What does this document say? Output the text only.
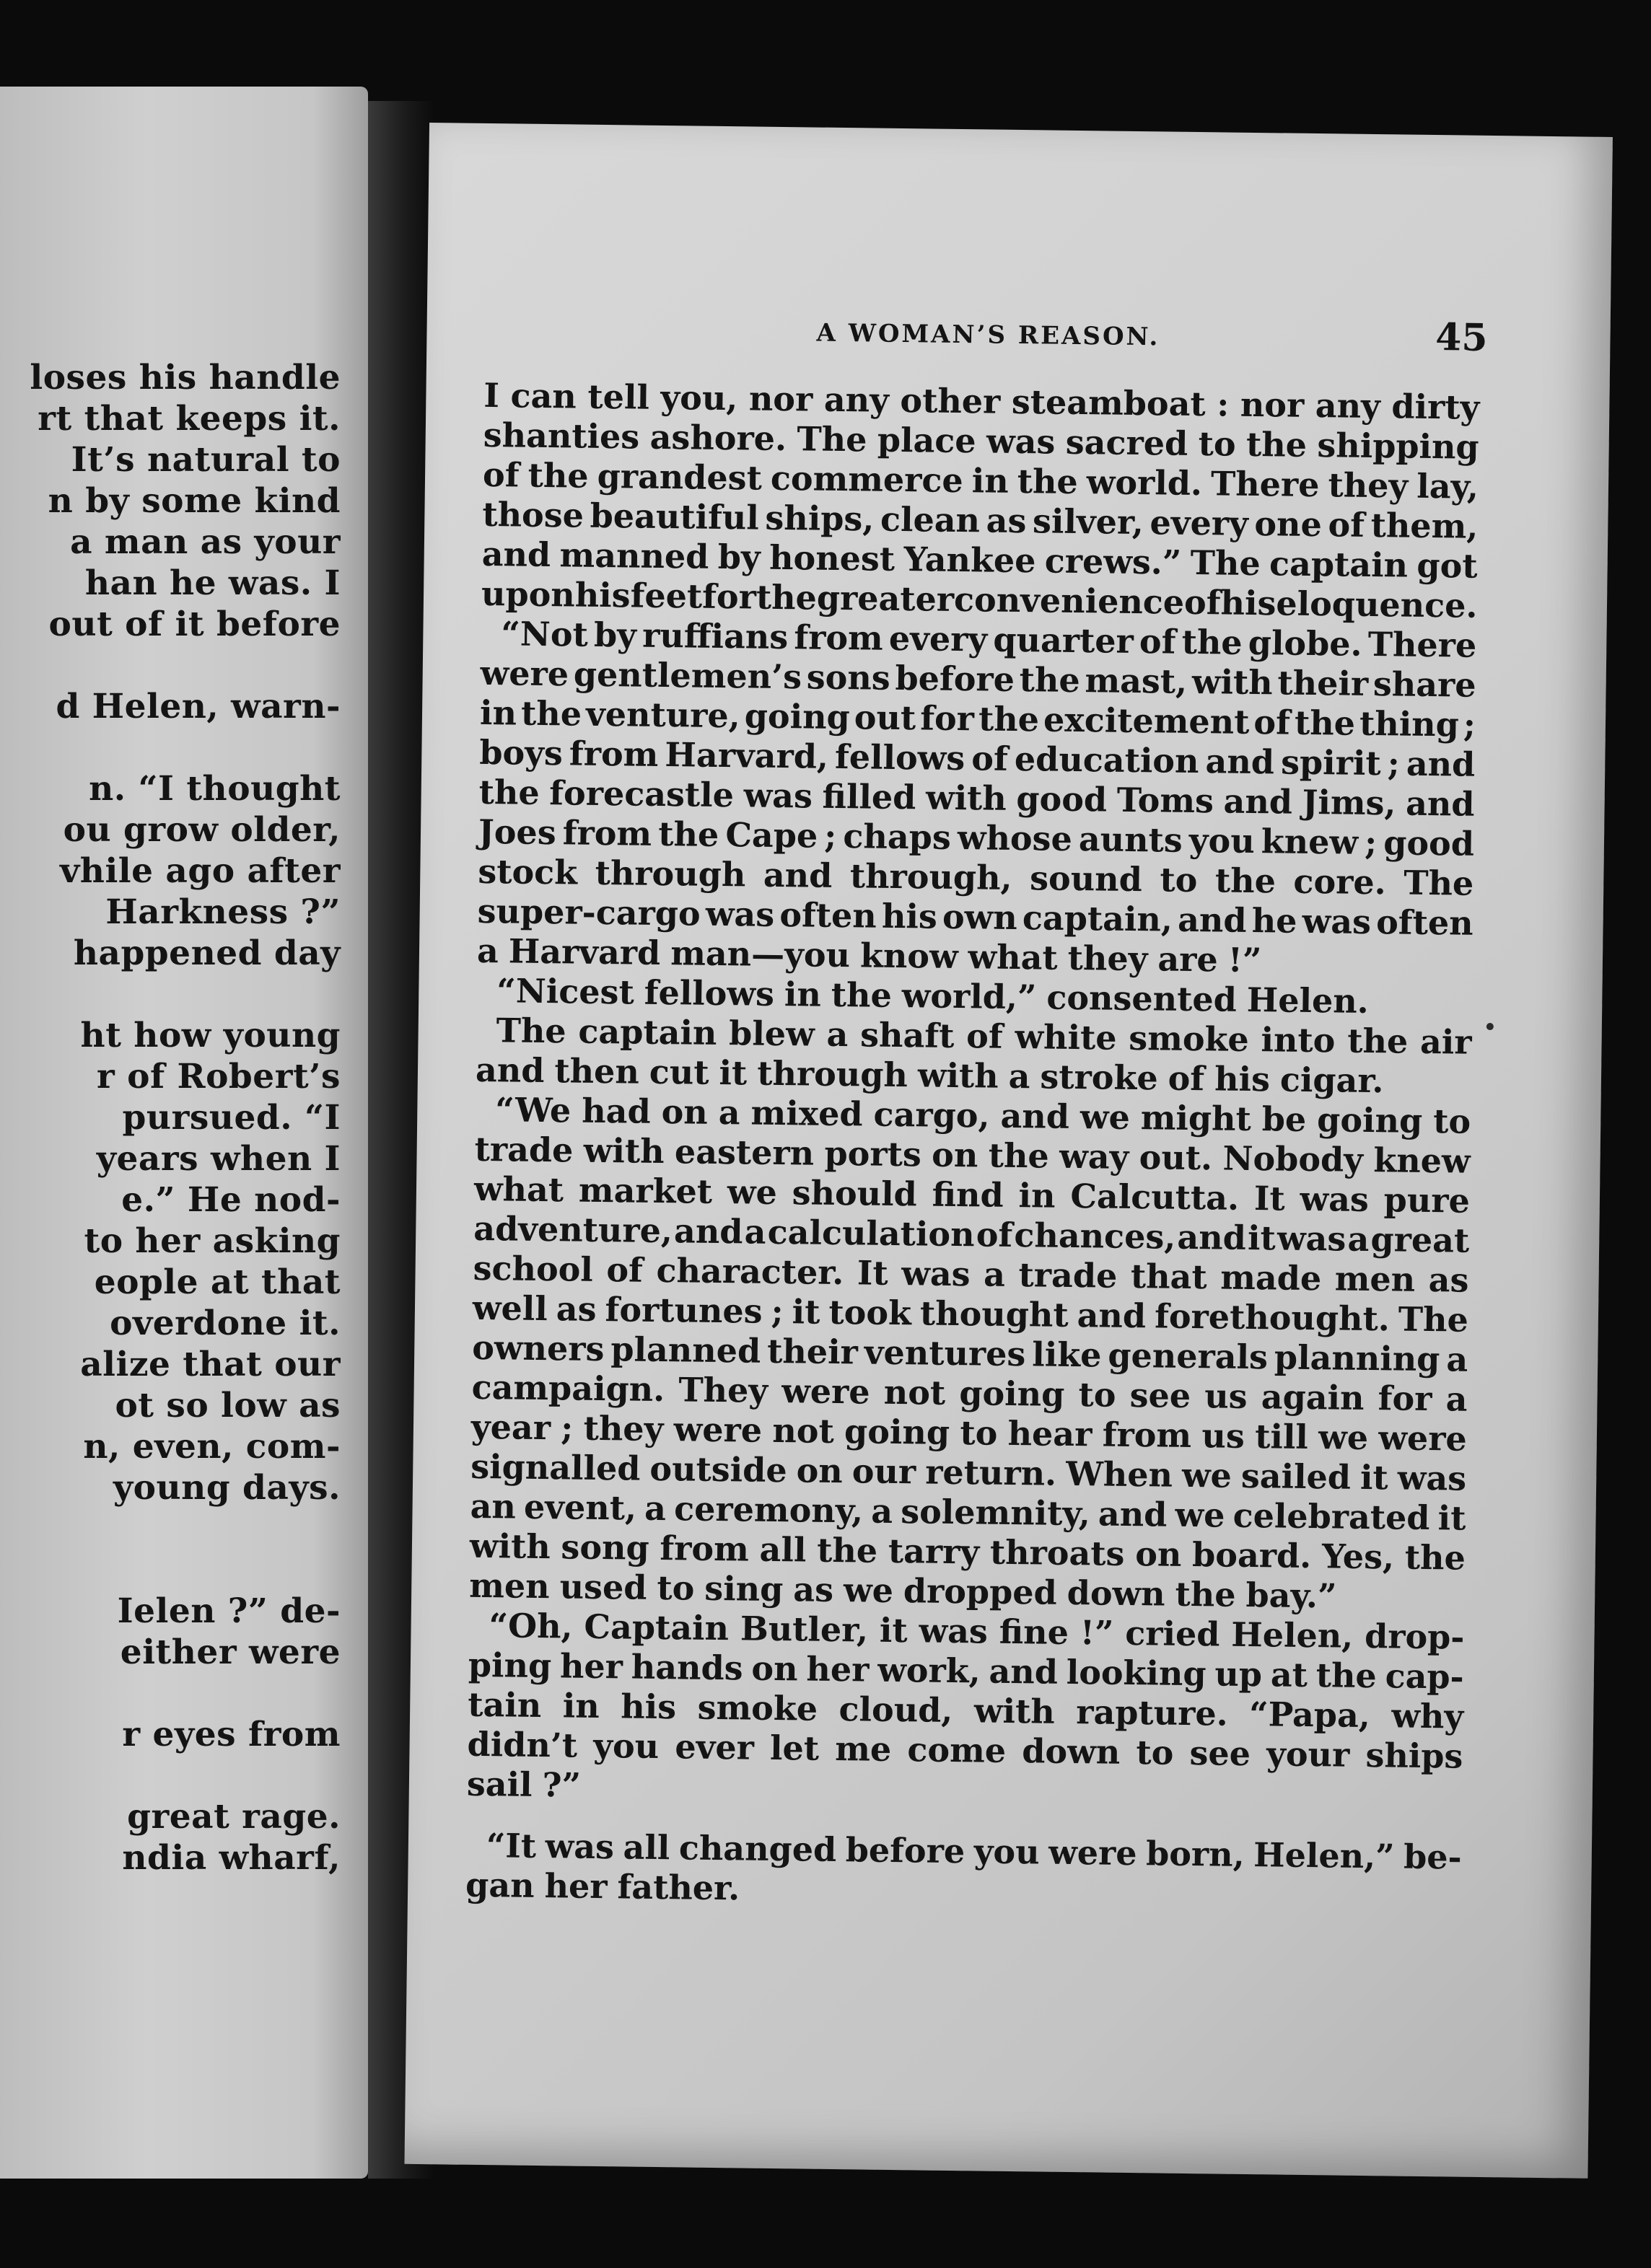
loses his handle
rt that keeps it.
It’s natural to
n by some kind
a man as your
han he was. I
out of it before
d Helen, warn-
n. “I thought
ou grow older,
vhile ago after
Harkness ?”
happened day
ht how young
r of Robert’s
pursued. “I
years when I
e.” He nod-
to her asking
eople at that
overdone it.
alize that our
ot so low as
n, even, com-
young days.
Ielen ?” de-
either were
r eyes from
great rage.
ndia wharf,
A WOMAN’S REASON.	45
I can tell you, nor any other steamboat : nor any dirty
shanties ashore. The place was sacred to the shipping
of the grandest commerce in the world. There they lay,
those beautiful ships, clean as silver, every one of them,
and manned by honest Yankee crews.” The captain got
upon his feet for the greater convenience of his eloquence.
“Not by ruffians from every quarter of the globe. There
were gentlemen’s sons before the mast, with their share
in the venture, going out for the excitement of the thing ;
boys from Harvard, fellows of education and spirit ; and
the forecastle was filled with good Toms and Jims, and
Joes from the Cape ; chaps whose aunts you knew ; good
stock through and through, sound to the core. The
super-cargo was often his own captain, and he was often
a Harvard man—you know what they are !”
“Nicest fellows in the world,” consented Helen.
The captain blew a shaft of white smoke into the air
and then cut it through with a stroke of his cigar.
“We had on a mixed cargo, and we might be going to
trade with eastern ports on the way out. Nobody knew
what market we should find in Calcutta. It was pure
adventure, and a calculation of chances, and it was a great
school of character. It was a trade that made men as
well as fortunes ; it took thought and forethought. The
owners planned their ventures like generals planning a
campaign. They were not going to see us again for a
year ; they were not going to hear from us till we were
signalled outside on our return. When we sailed it was
an event, a ceremony, a solemnity, and we celebrated it
with song from all the tarry throats on board. Yes, the
men used to sing as we dropped down the bay.”
“Oh, Captain Butler, it was fine !” cried Helen, drop-
ping her hands on her work, and looking up at the cap-
tain in his smoke cloud, with rapture. “Papa, why
didn’t you ever let me come down to see your ships
sail ?”
“It was all changed before you were born, Helen,” be-
gan her father.
